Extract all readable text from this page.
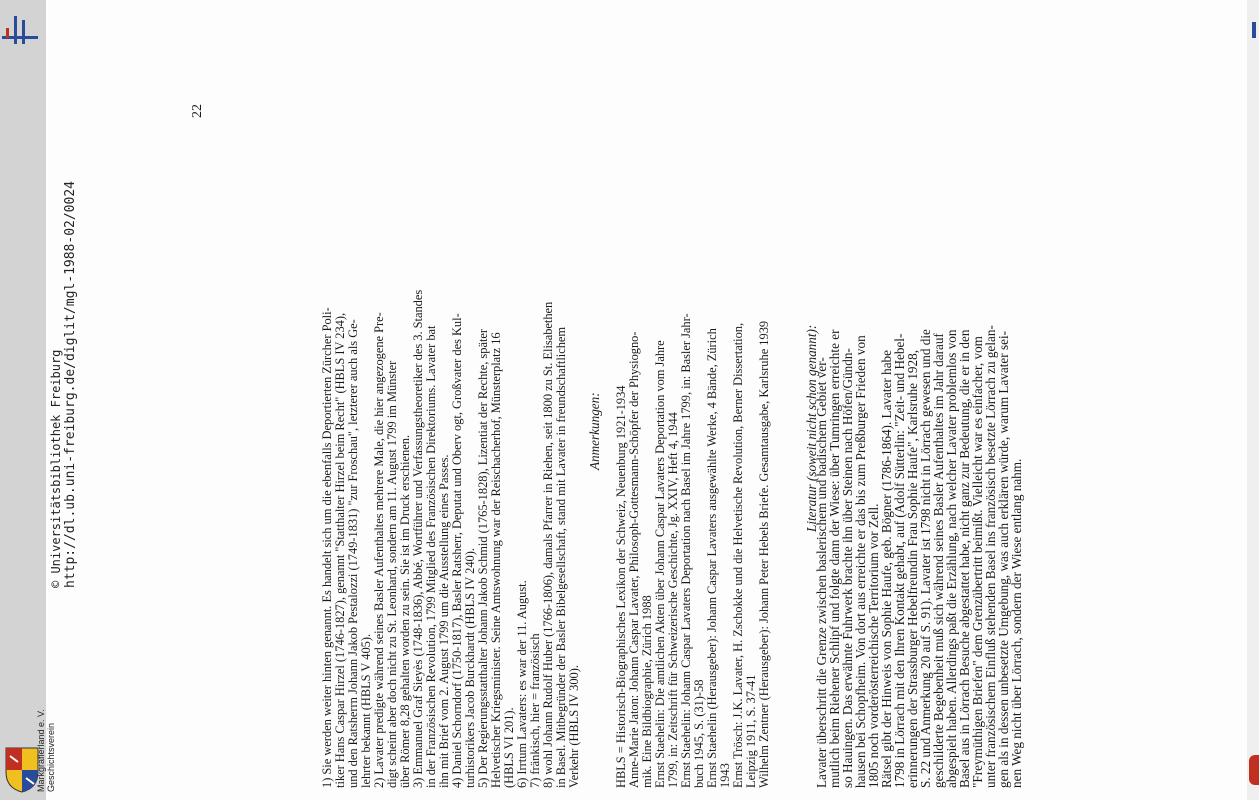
Lavater überschritt die Grenze zwischen baslerischem und badischem Gebiet ver-
mutlich beim Riehener Schlipf und folgte dann der Wiese: über Tumringen erreichte er
so Hauingen. Das erwähnte Fuhrwerk brachte ihn über Steinen nach Höfen/Gündn-
hausen bei Schopfheim. Von dort aus erreichte er das bis zum Preßburger Frieden von
1805 noch vorderösterreichische Territorium vor Zell.
Rätsel gibt der Hinweis von Sophie Haufe, geb. Bögner (1786-1864). Lavater habe
1798 in Lörrach mit den Ihren Kontakt gehabt, auf (Adolf Sütterlin: "Zeit- und Hebel-
erinnerungen der Strassburger Hebelfreundin Frau Sophie Haufe", Karlsruhe 1928,
S. 22 und Anmerkung 20 auf S. 91). Lavater ist 1798 nicht in Lörrach gewesen und die
geschilderte Begebenheit muß sich während seines Basler Aufenthaltes im Jahr darauf
abgespielt haben. Allerdings paßt die Erzählung, nach welcher Lavater problemlos von
Basel aus in Lörrach Besuche abgestattet habe, nicht ganz zur Bedeutung, die er in den
"Freymüthigen Briefen" dem Grenzübertritt beimißt. Vielleicht war es einfacher, vom
unter französischem Einfluß stehenden Basel ins französisch besetzte Lörrach zu gelan-
gen als in dessen unbesetzte Umgebung, was auch erklären würde, warum Lavater sei-
nen Weg nicht über Lörrach, sondern der Wiese entlang nahm.
Literatur (soweit nicht schon genannt):
HBLS = Historisch-Biographisches Lexikon der Schweiz, Neuenburg 1921-1934 Anne-Marie Jaton: Johann Caspar Lavater, Philosoph-Gottesmann-Schöpfer der Physiogno- mik. Eine Bildbiographie, Zürich 1988 Ernst Staehelin: Die amtlichen Akten über Johann Caspar Lavaters Deportation vom Jahre 1799, in: Zeitschrift für Schweizerische Geschichte, Jg. XXIV, Heft 4, 1944 Ernst Staehelin: Johann Caspar Lavaters Deportation nach Basel im Jahre 1799, in: Basler Jahr- buch 1945, S. (31)-58 Ernst Staehelin (Herausgeber): Johann Caspar Lavaters ausgewählte Werke, 4 Bände, Zürich 1943 Ernst Trösch: J.K. Lavater, H. Zschokke und die Helvetische Revolution, Berner Dissertation, Leipzig 1911, S. 37-41 Wilhelm Zentner (Herausgeber): Johann Peter Hebels Briefe. Gesamtausgabe, Karlsruhe 1939
Anmerkungen:
1) Sie werden weiter hinten genannt. Es handelt sich um die ebenfalls Deportierten Zürcher Poli- tiker Hans Caspar Hirzel (1746-1827), genannt "Statthalter Hirzel beim Recht" (HBLS IV 234), und den Ratsherrn Johann Jakob Pestalozzi (1749-1831) "zur Froschau", letzterer auch als Ge- lehrter bekannt (HBLS V 405). 2) Lavater predigte während seines Basler Aufenthaltes mehrere Male, die hier angezogene Pre- digt scheint aber doch nicht zu St. Leonhard, sondern am 11. August 1799 im Münster über Römer 8,28 gehalten worden zu sein. Sie ist im Druck erschienen. 3) Emmanuel Graf Sieyès (1748-1836), Abbé, Wortführer und Verfassungstheoretiker des 3. Standes in der Französischen Revolution, 1799 Mitglied des Französischen Direktoriums. Lavater bat ihn mit Brief vom 2. August 1799 um die Ausstellung eines Passes. 4) Daniel Schorndorf (1750-1817), Basler Ratsherr, Deputat und Oberv ogt, Großvater des Kul- turhistorikers Jacob Burckhardt (HBLS IV 240). 5) Der Regierungsstatthalter Johann Jakob Schmid (1765-1828), Lizentiat der Rechte, später Helvetischer Kriegsminister. Seine Amtswohnung war der Reischacherhof, Münsterplatz 16 (HBLS VI 201). 6) Irrtum Lavaters: es war der 11. August. 7) fränkisch, hier = französisch 8) wohl Johann Rudolf Huber (1766-1806), damals Pfarrer in Riehen, seit 1800 zu St. Elisabethen in Basel. Mitbegründer der Basler Bibelgesellschaft, stand mit Lavater in freundschaftlichem Verkehr (HBLS IV 300).
22
http://dl.ub.uni-freiburg.de/diglit/mgl-1988-02/0024
© Universitätsbibliothek Freiburg
Geschichtsverein
Markgräflerland e. V.
